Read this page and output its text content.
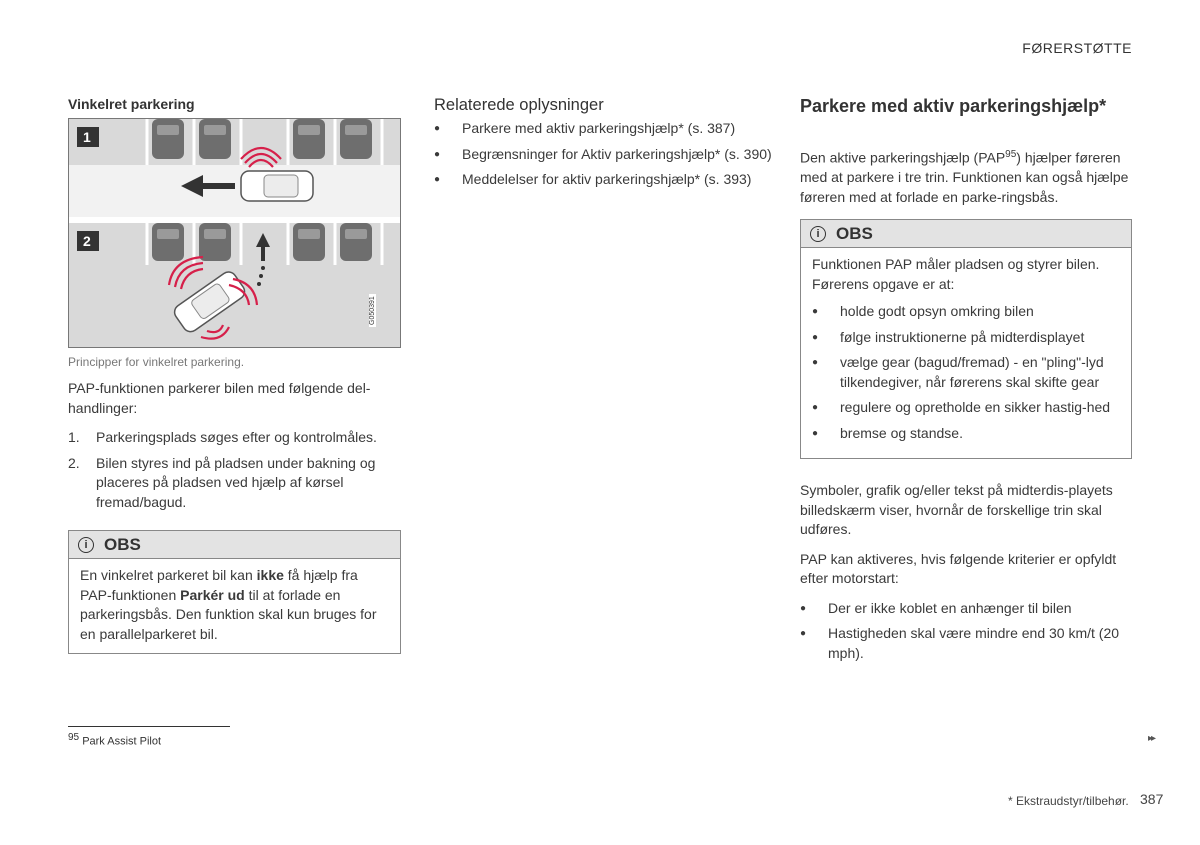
FØRERSTØTTE
Vinkelret parkering
1
2
G050391
Principper for vinkelret parkering.

PAP-funktionen parkerer bilen med følgende del-handlinger:

1.	Parkeringsplads søges efter og kontrolmåles.
2.	Bilen styres ind på pladsen under bakning og placeres på pladsen ved hjælp af kørsel fremad/bagud.
i OBS
En vinkelret parkeret bil kan ikke få hjælp fra PAP-funktionen Parkér ud til at forlade en parkeringsbås. Den funktion skal kun bruges for en parallelparkeret bil.
Relaterede oplysninger
●	Parkere med aktiv parkeringshjælp* (s. 387)
●	Begrænsninger for Aktiv parkeringshjælp* (s. 390)
●	Meddelelser for aktiv parkeringshjælp* (s. 393)
Parkere med aktiv parkeringshjælp*

Den aktive parkeringshjælp (PAP$^{95}$) hjælper føreren med at parkere i tre trin. Funktionen kan også hjælpe føreren med at forlade en parke-ringsbås.

i OBS

Funktionen PAP måler pladsen og styrer bilen. Førerens opgave er at:

●	holde godt opsyn omkring bilen
●	følge instruktionerne på midterdisplayet
●	vælge gear (bagud/fremad) - en "pling"-lyd tilkendegiver, når førerens skal skifte gear
●	regulere og opretholde en sikker hastig-hed
●	bremse og standse.

Symboler, grafik og/eller tekst på midterdis-playets billedskærm viser, hvornår de forskellige trin skal udføres.

PAP kan aktiveres, hvis følgende kriterier er opfyldt efter motorstart:

●	Der er ikke koblet en anhænger til bilen
●	Hastigheden skal være mindre end 30 km/t (20 mph).
$^{95}$ Park Assist Pilot	▸▸
* Ekstraudstyr/tilbehør. 387
